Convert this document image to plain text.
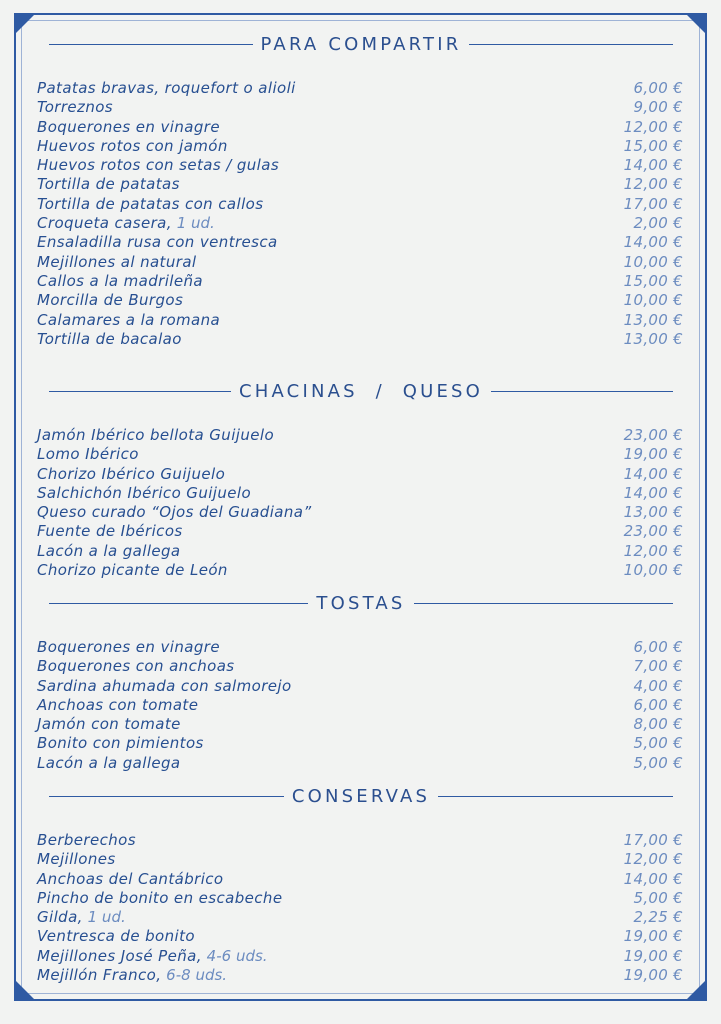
PARA COMPARTIR
Patatas bravas, roquefort o alioli	6,00 €
Torreznos	9,00 €
Boquerones en vinagre	12,00 €
Huevos rotos con jamón	15,00 €
Huevos rotos con setas / gulas	14,00 €
Tortilla de patatas	12,00 €
Tortilla de patatas con callos	17,00 €
Croqueta casera, 1 ud.	2,00 €
Ensaladilla rusa con ventresca	14,00 €
Mejillones al natural	10,00 €
Callos a la madrileña	15,00 €
Morcilla de Burgos	10,00 €
Calamares a la romana	13,00 €
Tortilla de bacalao	13,00 €
CHACINAS  /  QUESO
Jamón Ibérico bellota Guijuelo	23,00 €
Lomo Ibérico	19,00 €
Chorizo Ibérico Guijuelo	14,00 €
Salchichón Ibérico Guijuelo	14,00 €
Queso curado “Ojos del Guadiana”	13,00 €
Fuente de Ibéricos	23,00 €
Lacón a la gallega	12,00 €
Chorizo picante de León	10,00 €
TOSTAS
Boquerones en vinagre	6,00 €
Boquerones con anchoas	7,00 €
Sardina ahumada con salmorejo	4,00 €
Anchoas con tomate	6,00 €
Jamón con tomate	8,00 €
Bonito con pimientos	5,00 €
Lacón a la gallega	5,00 €
CONSERVAS
Berberechos	17,00 €
Mejillones	12,00 €
Anchoas del Cantábrico	14,00 €
Pincho de bonito en escabeche	5,00 €
Gilda, 1 ud.	2,25 €
Ventresca de bonito	19,00 €
Mejillones José Peña, 4-6 uds.	19,00 €
Mejillón Franco, 6-8 uds.	19,00 €
